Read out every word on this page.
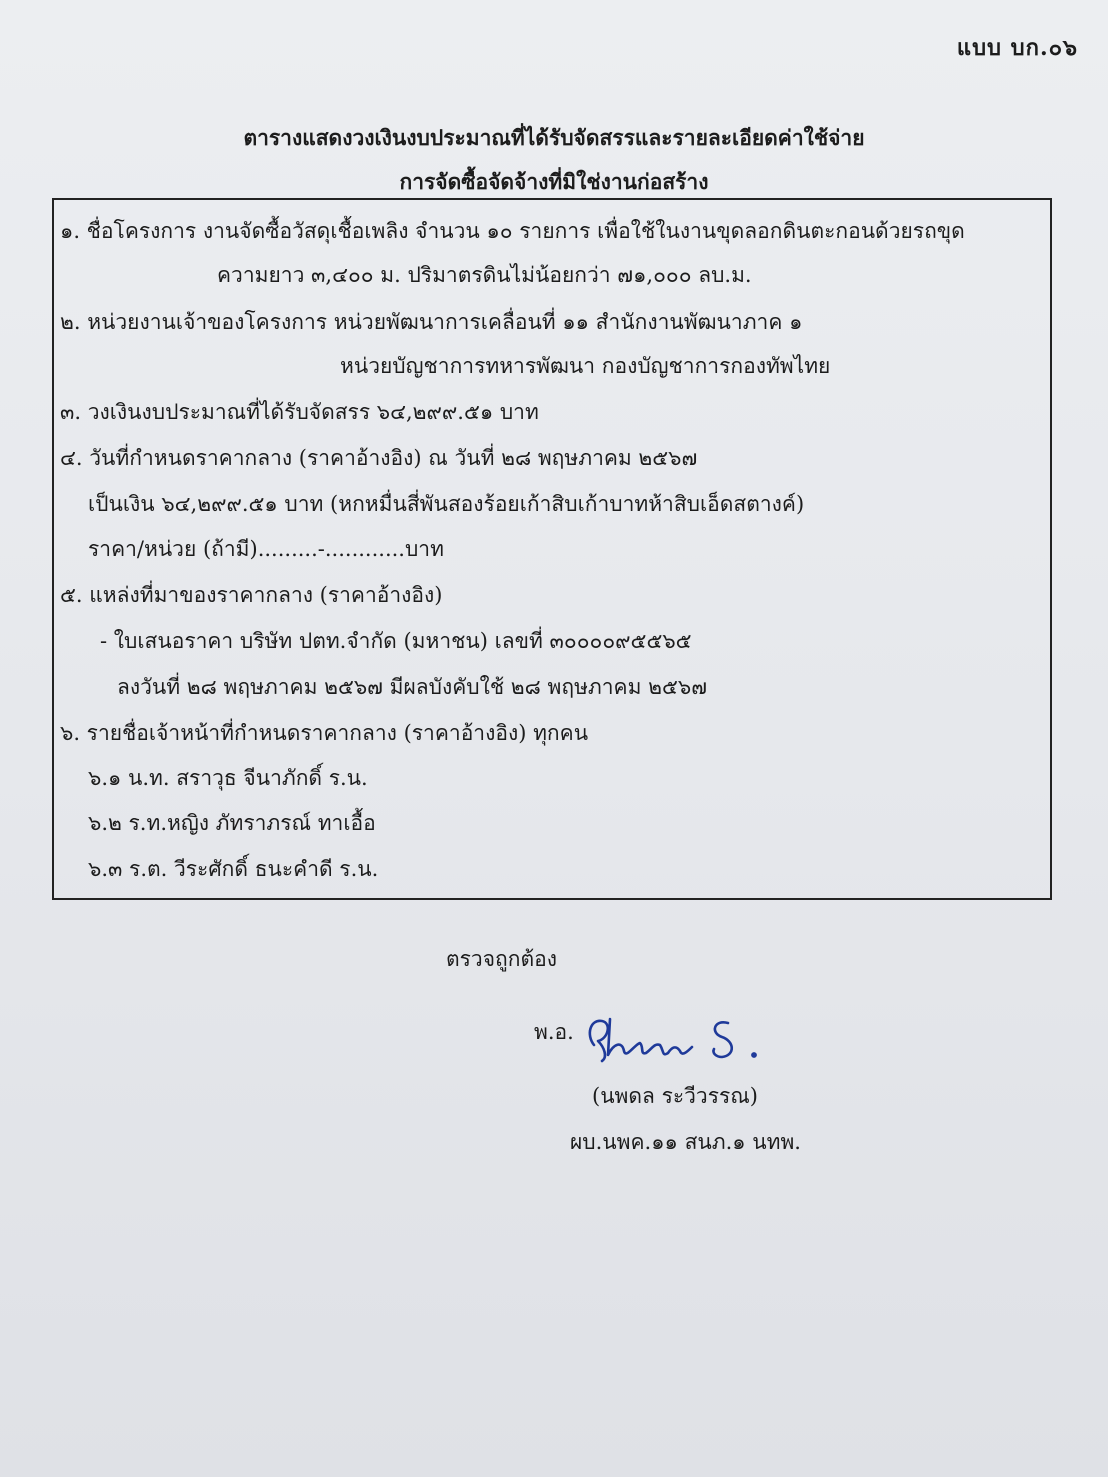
แบบ บก.๐๖
ตารางแสดงวงเงินงบประมาณที่ได้รับจัดสรรและรายละเอียดค่าใช้จ่าย
การจัดซื้อจัดจ้างที่มิใช่งานก่อสร้าง
๑. ชื่อโครงการ งานจัดซื้อวัสดุเชื้อเพลิง จำนวน ๑๐ รายการ เพื่อใช้ในงานขุดลอกดินตะกอนด้วยรถขุด
ความยาว ๓,๔๐๐ ม. ปริมาตรดินไม่น้อยกว่า ๗๑,๐๐๐ ลบ.ม.
๒. หน่วยงานเจ้าของโครงการ หน่วยพัฒนาการเคลื่อนที่ ๑๑ สำนักงานพัฒนาภาค ๑
หน่วยบัญชาการทหารพัฒนา กองบัญชาการกองทัพไทย
๓. วงเงินงบประมาณที่ได้รับจัดสรร ๖๔,๒๙๙.๕๑ บาท
๔. วันที่กำหนดราคากลาง (ราคาอ้างอิง) ณ วันที่ ๒๘ พฤษภาคม ๒๕๖๗
เป็นเงิน ๖๔,๒๙๙.๕๑ บาท (หกหมื่นสี่พันสองร้อยเก้าสิบเก้าบาทห้าสิบเอ็ดสตางค์)
ราคา/หน่วย (ถ้ามี).........-............บาท
๕. แหล่งที่มาของราคากลาง (ราคาอ้างอิง)
- ใบเสนอราคา บริษัท ปตท.จำกัด (มหาชน) เลขที่ ๓๐๐๐๐๙๕๕๖๕
ลงวันที่ ๒๘ พฤษภาคม ๒๕๖๗ มีผลบังคับใช้ ๒๘ พฤษภาคม ๒๕๖๗
๖. รายชื่อเจ้าหน้าที่กำหนดราคากลาง (ราคาอ้างอิง) ทุกคน
๖.๑ น.ท. สราวุธ จีนาภักดิ์ ร.น.
๖.๒ ร.ท.หญิง ภัทราภรณ์ ทาเอื้อ
๖.๓ ร.ต. วีระศักดิ์ ธนะคำดี ร.น.
ตรวจถูกต้อง
พ.อ.
(นพดล ระวีวรรณ)
ผบ.นพค.๑๑ สนภ.๑ นทพ.
